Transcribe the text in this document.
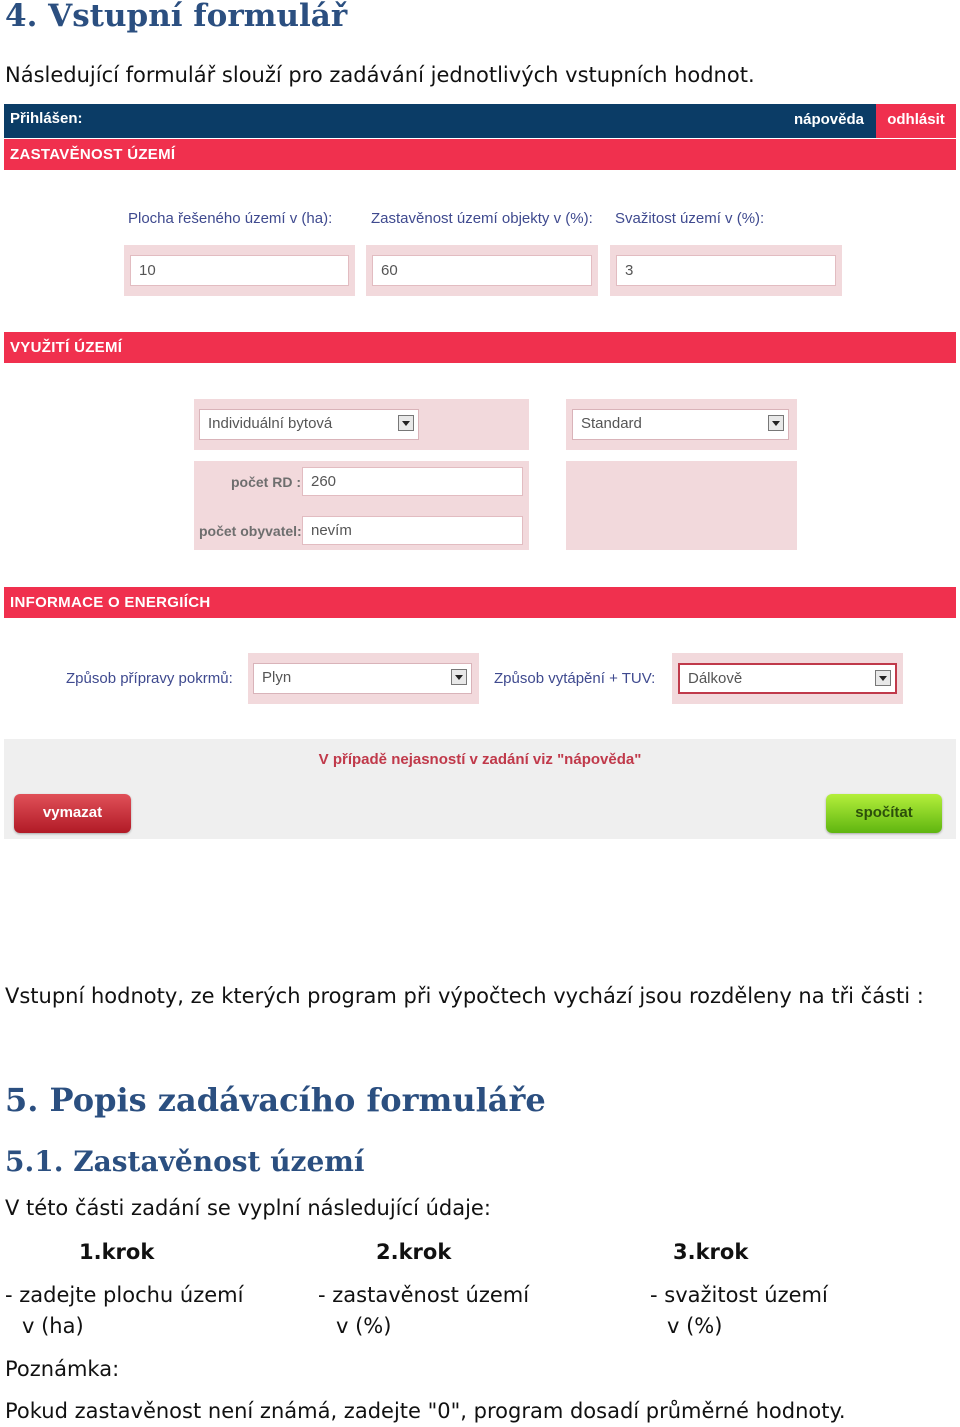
4. Vstupní formulář
Následující formulář slouží pro zadávání jednotlivých vstupních hodnot.
Přihlášen:	nápověda	odhlásit
ZASTAVĚNOST ÚZEMÍ
Plocha řešeného území v (ha):	Zastavěnost území objekty v (%): Svažitost území v (%):
10	60	3
VYUŽITÍ ÚZEMÍ
Individuální bytová	Standard
počet RD : 260
počet obyvatel: nevím
INFORMACE O ENERGIÍCH
Způsob přípravy pokrmů:	Plyn	Způsob vytápění + TUV:	Dálkově
V případě nejasností v zadání viz "nápověda"
vymazat	spočítat
Vstupní hodnoty, ze kterých program při výpočtech vychází jsou rozděleny na tři části :
5. Popis zadávacího formuláře
5.1. Zastavěnost území
V této části zadání se vyplní následující údaje:
1.krok	2.krok	3.krok
- zadejte plochu území
v (ha)
- zastavěnost území
v (%)
- svažitost území
v (%)
Poznámka:
Pokud zastavěnost není známá, zadejte "0", program dosadí průměrné hodnoty.
